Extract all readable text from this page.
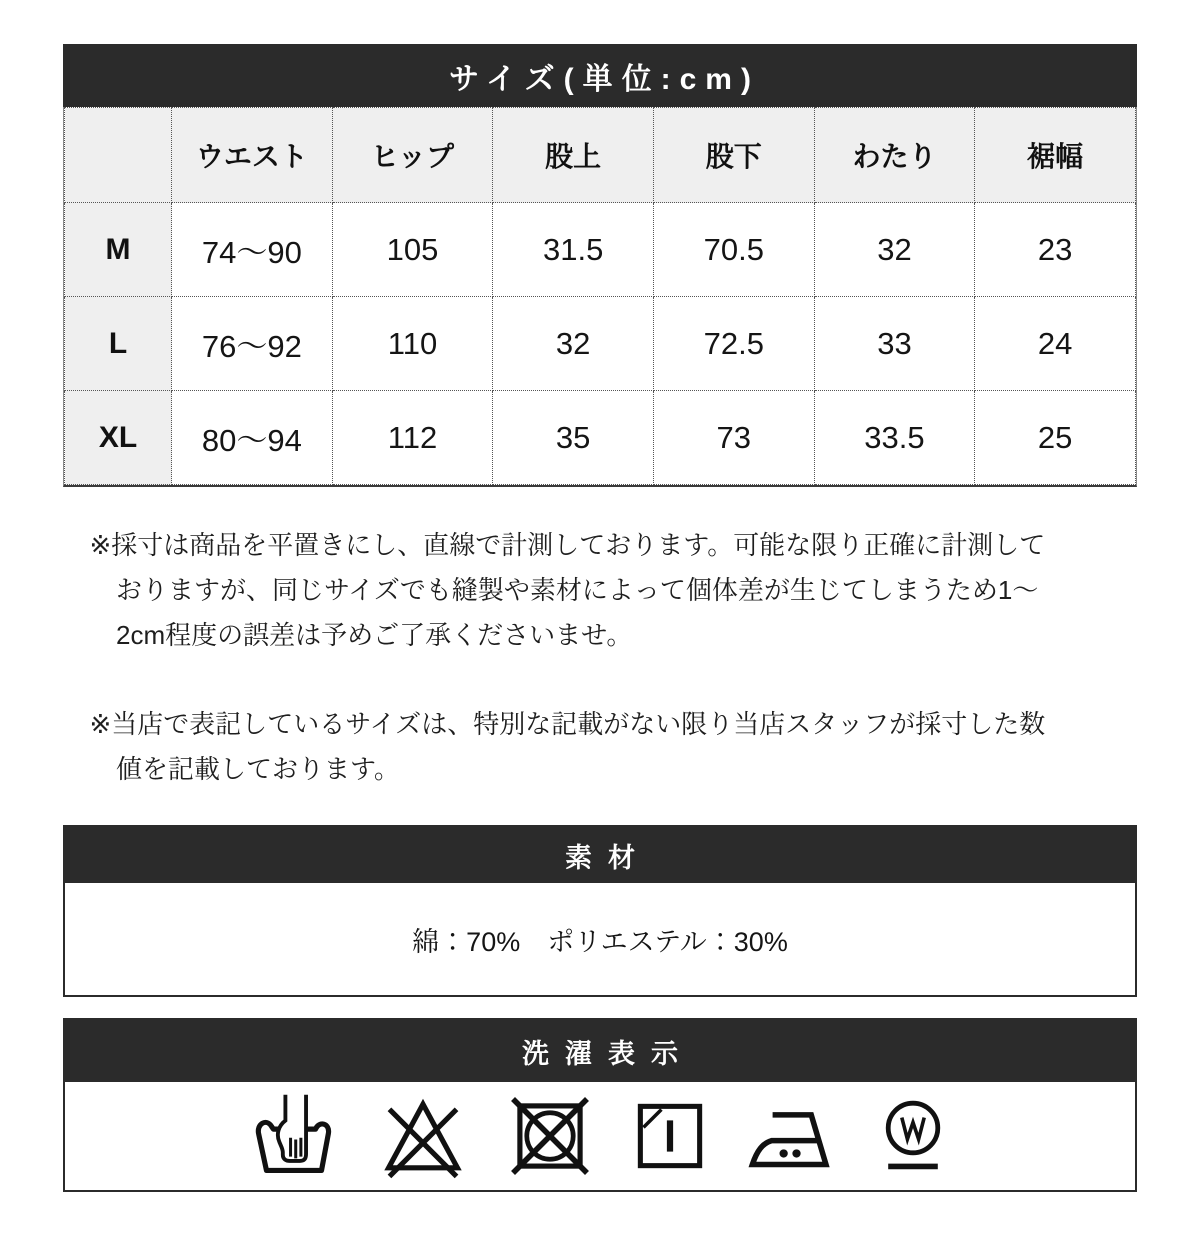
サイズ(単位:cm)
	ウエスト	ヒップ	股上	股下	わたり	裾幅
M	74〜90	105	31.5	70.5	32	23
L	76〜92	110	32	72.5	33	24
XL	80〜94	112	35	73	33.5	25

※採寸は商品を平置きにし、直線で計測しております。可能な限り正確に計測しておりますが、同じサイズでも縫製や素材によって個体差が生じてしまうため1〜2cm程度の誤差は予めご了承くださいませ。

※当店で表記しているサイズは、特別な記載がない限り当店スタッフが採寸した数値を記載しております。

素材
綿：70%　ポリエステル：30%
洗濯表示
